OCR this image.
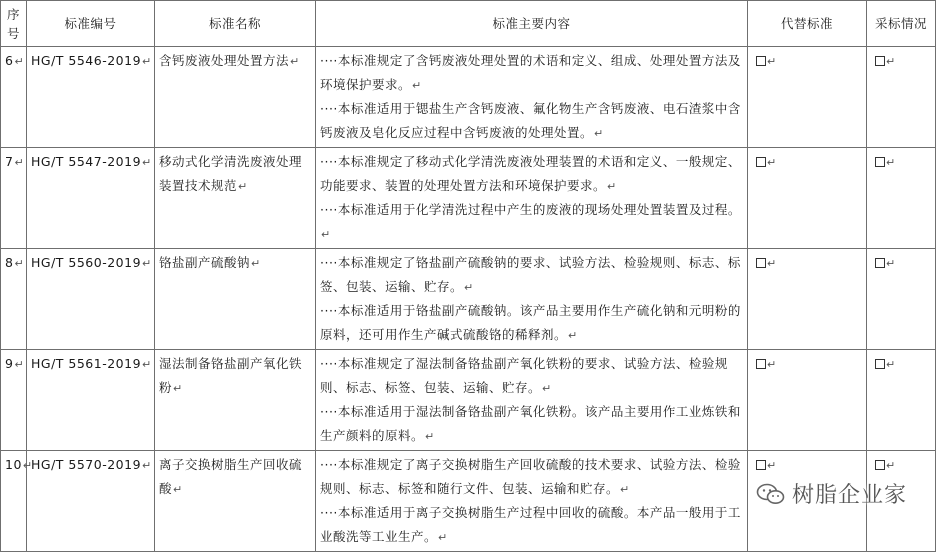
序号	标准编号	标准名称	标准主要内容	代替标准	采标情况
6↵	HG/T 5546-2019↵	含钙废液处理处置方法↵	····本标准规定了含钙废液处理处置的术语和定义、组成、处理处置方法及环境保护要求。↵
····本标准适用于锶盐生产含钙废液、氟化物生产含钙废液、电石渣浆中含钙废液及皂化反应过程中含钙废液的处理处置。↵	↵	↵
7↵	HG/T 5547-2019↵	移动式化学清洗废液处理装置技术规范↵	····本标准规定了移动式化学清洗废液处理装置的术语和定义、一般规定、功能要求、装置的处理处置方法和环境保护要求。↵
····本标准适用于化学清洗过程中产生的废液的现场处理处置装置及过程。↵	↵	↵
8↵	HG/T 5560-2019↵	铬盐副产硫酸钠↵	····本标准规定了铬盐副产硫酸钠的要求、试验方法、检验规则、标志、标签、包装、运输、贮存。↵
····本标准适用于铬盐副产硫酸钠。该产品主要用作生产硫化钠和元明粉的原料，还可用作生产碱式硫酸铬的稀释剂。↵	↵	↵
9↵	HG/T 5561-2019↵	湿法制备铬盐副产氧化铁粉↵	····本标准规定了湿法制备铬盐副产氧化铁粉的要求、试验方法、检验规则、标志、标签、包装、运输、贮存。↵
····本标准适用于湿法制备铬盐副产氧化铁粉。该产品主要用作工业炼铁和生产颜料的原料。↵	↵	↵
10↵	HG/T 5570-2019↵	离子交换树脂生产回收硫酸↵	····本标准规定了离子交换树脂生产回收硫酸的技术要求、试验方法、检验规则、标志、标签和随行文件、包装、运输和贮存。↵
····本标准适用于离子交换树脂生产过程中回收的硫酸。本产品一般用于工业酸洗等工业生产。↵	↵	↵
树脂企业家
